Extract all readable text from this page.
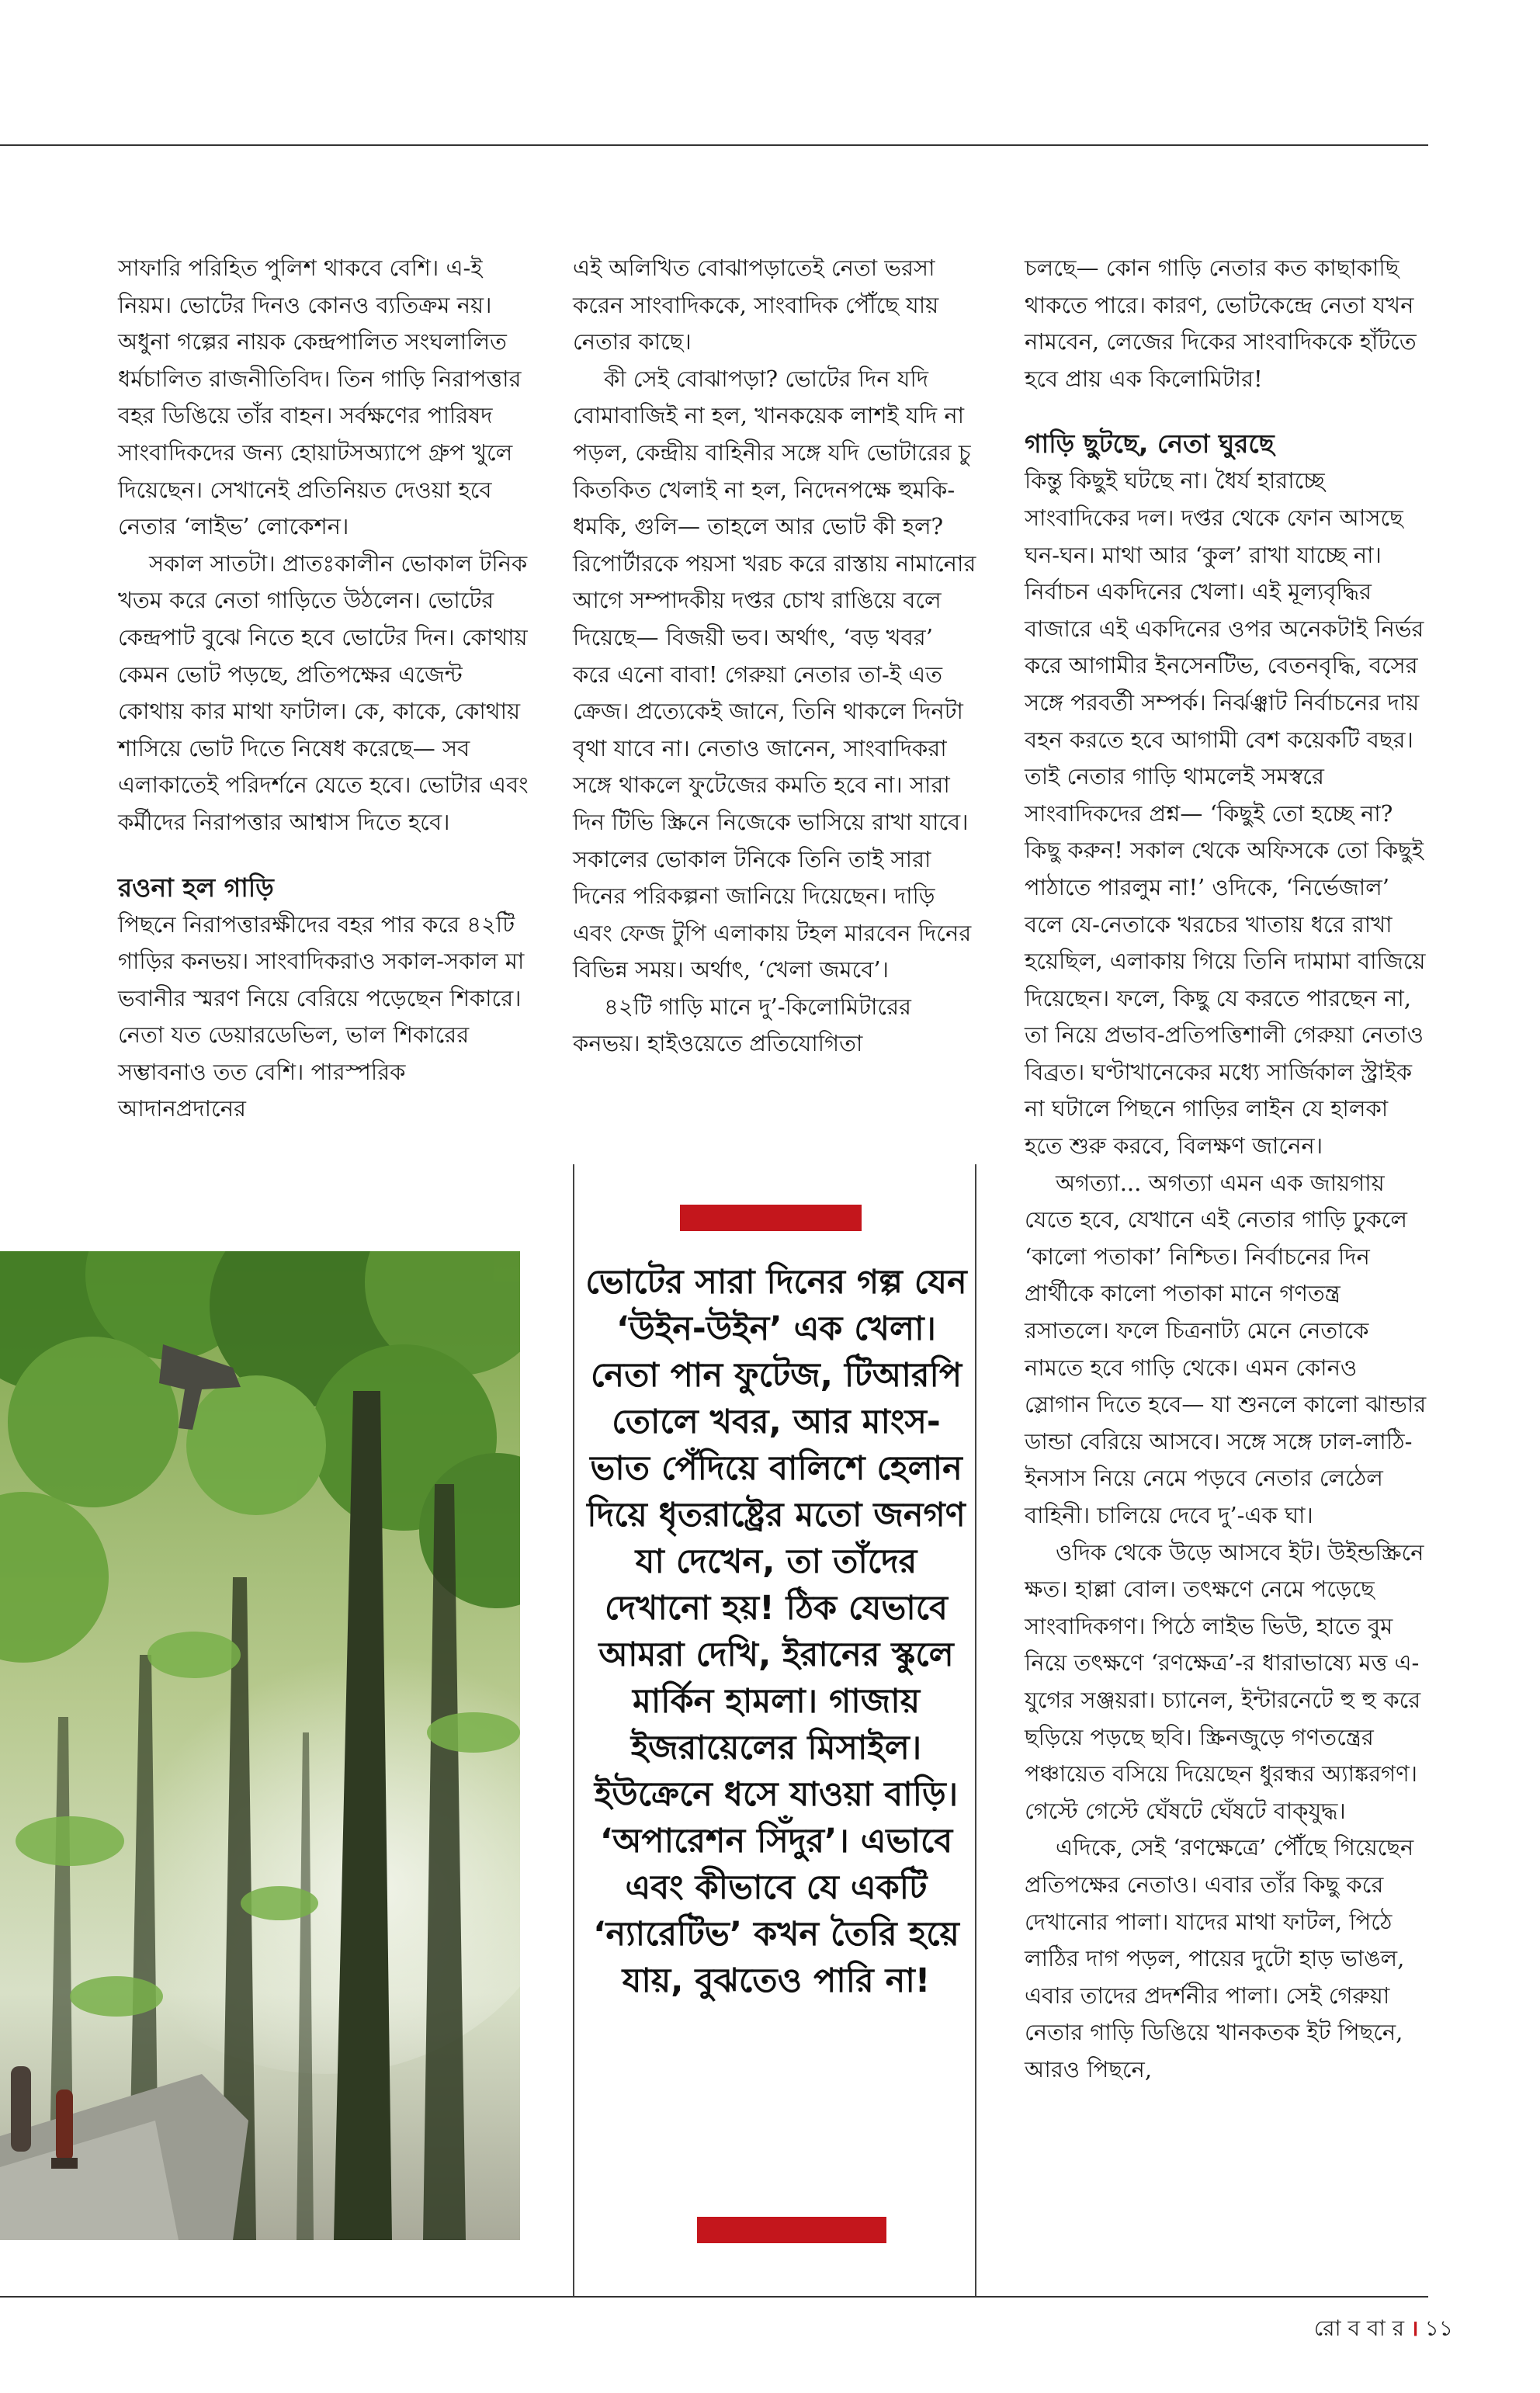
সাফারি পরিহিত পুলিশ থাকবে বেশি। এ-ই নিয়ম। ভোটের দিনও কোনও ব্যতিক্রম নয়। অধুনা গল্পের নায়ক কেন্দ্রপালিত সংঘলালিত ধর্মচালিত রাজনীতিবিদ। তিন গাড়ি নিরাপত্তার বহর ডিঙিয়ে তাঁর বাহন। সর্বক্ষণের পারিষদ সাংবাদিকদের জন্য হোয়াটসঅ্যাপে গ্রুপ খুলে দিয়েছেন। সেখানেই প্রতিনিয়ত দেওয়া হবে নেতার ‘লাইভ’ লোকেশন।

সকাল সাতটা। প্রাতঃকালীন ভোকাল টনিক খতম করে নেতা গাড়িতে উঠলেন। ভোটের কেন্দ্রপাট বুঝে নিতে হবে ভোটের দিন। কোথায় কেমন ভোট পড়ছে, প্রতিপক্ষের এজেন্ট কোথায় কার মাথা ফাটাল। কে, কাকে, কোথায় শাসিয়ে ভোট দিতে নিষেধ করেছে— সব এলাকাতেই পরিদর্শনে যেতে হবে। ভোটার এবং কর্মীদের নিরাপত্তার আশ্বাস দিতে হবে।

রওনা হল গাড়ি

পিছনে নিরাপত্তারক্ষীদের বহর পার করে ৪২টি গাড়ির কনভয়। সাংবাদিকরাও সকাল-সকাল মা ভবানীর স্মরণ নিয়ে বেরিয়ে পড়েছেন শিকারে। নেতা যত ডেয়ারডেভিল, ভাল শিকারের সম্ভাবনাও তত বেশি। পারস্পরিক আদানপ্রদানের

এই অলিখিত বোঝাপড়াতেই নেতা ভরসা করেন সাংবাদিককে, সাংবাদিক পৌঁছে যায় নেতার কাছে।

কী সেই বোঝাপড়া? ভোটের দিন যদি বোমাবাজিই না হল, খানকয়েক লাশই যদি না পড়ল, কেন্দ্রীয় বাহিনীর সঙ্গে যদি ভোটারের চু কিতকিত খেলাই না হল, নিদেনপক্ষে হুমকি-ধমকি, গুলি— তাহলে আর ভোট কী হল? রিপোর্টারকে পয়সা খরচ করে রাস্তায় নামানোর আগে সম্পাদকীয় দপ্তর চোখ রাঙিয়ে বলে দিয়েছে— বিজয়ী ভব। অর্থাৎ, ‘বড় খবর’ করে এনো বাবা! গেরুয়া নেতার তা-ই এত ক্রেজ। প্রত্যেকেই জানে, তিনি থাকলে দিনটা বৃথা যাবে না। নেতাও জানেন, সাংবাদিকরা সঙ্গে থাকলে ফুটেজের কমতি হবে না। সারা দিন টিভি স্ক্রিনে নিজেকে ভাসিয়ে রাখা যাবে। সকালের ভোকাল টনিকে তিনি তাই সারা দিনের পরিকল্পনা জানিয়ে দিয়েছেন। দাড়ি এবং ফেজ টুপি এলাকায় টহল মারবেন দিনের বিভিন্ন সময়। অর্থাৎ, ‘খেলা জমবে’।

৪২টি গাড়ি মানে দু’-কিলোমিটারের কনভয়। হাইওয়েতে প্রতিযোগিতা

চলছে— কোন গাড়ি নেতার কত কাছাকাছি থাকতে পারে। কারণ, ভোটকেন্দ্রে নেতা যখন নামবেন, লেজের দিকের সাংবাদিককে হাঁটতে হবে প্রায় এক কিলোমিটার!

গাড়ি ছুটছে, নেতা ঘুরছে

কিন্তু কিছুই ঘটছে না। ধৈর্য হারাচ্ছে সাংবাদিকের দল। দপ্তর থেকে ফোন আসছে ঘন-ঘন। মাথা আর ‘কুল’ রাখা যাচ্ছে না। নির্বাচন একদিনের খেলা। এই মূল্যবৃদ্ধির বাজারে এই একদিনের ওপর অনেকটাই নির্ভর করে আগামীর ইনসেনটিভ, বেতনবৃদ্ধি, বসের সঙ্গে পরবর্তী সম্পর্ক। নির্ঝঞ্ঝাট নির্বাচনের দায় বহন করতে হবে আগামী বেশ কয়েকটি বছর। তাই নেতার গাড়ি থামলেই সমস্বরে সাংবাদিকদের প্রশ্ন— ‘কিছুই তো হচ্ছে না? কিছু করুন! সকাল থেকে অফিসকে তো কিছুই পাঠাতে পারলুম না!’ ওদিকে, ‘নির্ভেজাল’ বলে যে-নেতাকে খরচের খাতায় ধরে রাখা হয়েছিল, এলাকায় গিয়ে তিনি দামামা বাজিয়ে দিয়েছেন। ফলে, কিছু যে করতে পারছেন না, তা নিয়ে প্রভাব-প্রতিপত্তিশালী গেরুয়া নেতাও বিব্রত। ঘণ্টাখানেকের মধ্যে সার্জিকাল স্ট্রাইক না ঘটালে পিছনে গাড়ির লাইন যে হালকা হতে শুরু করবে, বিলক্ষণ জানেন।

অগত্যা... অগত্যা এমন এক জায়গায় যেতে হবে, যেখানে এই নেতার গাড়ি ঢুকলে ‘কালো পতাকা’ নিশ্চিত। নির্বাচনের দিন প্রার্থীকে কালো পতাকা মানে গণতন্ত্র রসাতলে। ফলে চিত্রনাট্য মেনে নেতাকে নামতে হবে গাড়ি থেকে। এমন কোনও স্লোগান দিতে হবে— যা শুনলে কালো ঝান্ডার ডান্ডা বেরিয়ে আসবে। সঙ্গে সঙ্গে ঢাল-লাঠি-ইনসাস নিয়ে নেমে পড়বে নেতার লেঠেল বাহিনী। চালিয়ে দেবে দু’-এক ঘা।

ওদিক থেকে উড়ে আসবে ইট। উইন্ডস্ক্রিনে ক্ষত। হাল্লা বোল। তৎক্ষণে নেমে পড়েছে সাংবাদিকগণ। পিঠে লাইভ ভিউ, হাতে বুম নিয়ে তৎক্ষণে ‘রণক্ষেত্র’-র ধারাভাষ্যে মত্ত এ-যুগের সঞ্জয়রা। চ্যানেল, ইন্টারনেটে হু হু করে ছড়িয়ে পড়ছে ছবি। স্ক্রিনজুড়ে গণতন্ত্রের পঞ্চায়েত বসিয়ে দিয়েছেন ধুরন্ধর অ্যাঙ্করগণ। গেস্টে গেস্টে ঘেঁষটে ঘেঁষটে বাক্‌যুদ্ধ।

এদিকে, সেই ‘রণক্ষেত্রে’ পৌঁছে গিয়েছেন প্রতিপক্ষের নেতাও। এবার তাঁর কিছু করে দেখানোর পালা। যাদের মাথা ফাটল, পিঠে লাঠির দাগ পড়ল, পায়ের দুটো হাড় ভাঙল, এবার তাদের প্রদর্শনীর পালা। সেই গেরুয়া নেতার গাড়ি ডিঙিয়ে খানকতক ইট পিছনে, আরও পিছনে,

ভোটের সারা দিনের গল্প যেন ‘উইন-উইন’ এক খেলা। নেতা পান ফুটেজ, টিআরপি তোলে খবর, আর মাংস-ভাত পেঁদিয়ে বালিশে হেলান দিয়ে ধৃতরাষ্ট্রের মতো জনগণ যা দেখেন, তা তাঁদের দেখানো হয়! ঠিক যেভাবে আমরা দেখি, ইরানের স্কুলে মার্কিন হামলা। গাজায় ইজরায়েলের মিসাইল। ইউক্রেনে ধসে যাওয়া বাড়ি। ‘অপারেশন সিঁদুর’। এভাবে এবং কীভাবে যে একটি ‘ন্যারেটিভ’ কখন তৈরি হয়ে যায়, বুঝতেও পারি না!
রো ব বা র । ১১
